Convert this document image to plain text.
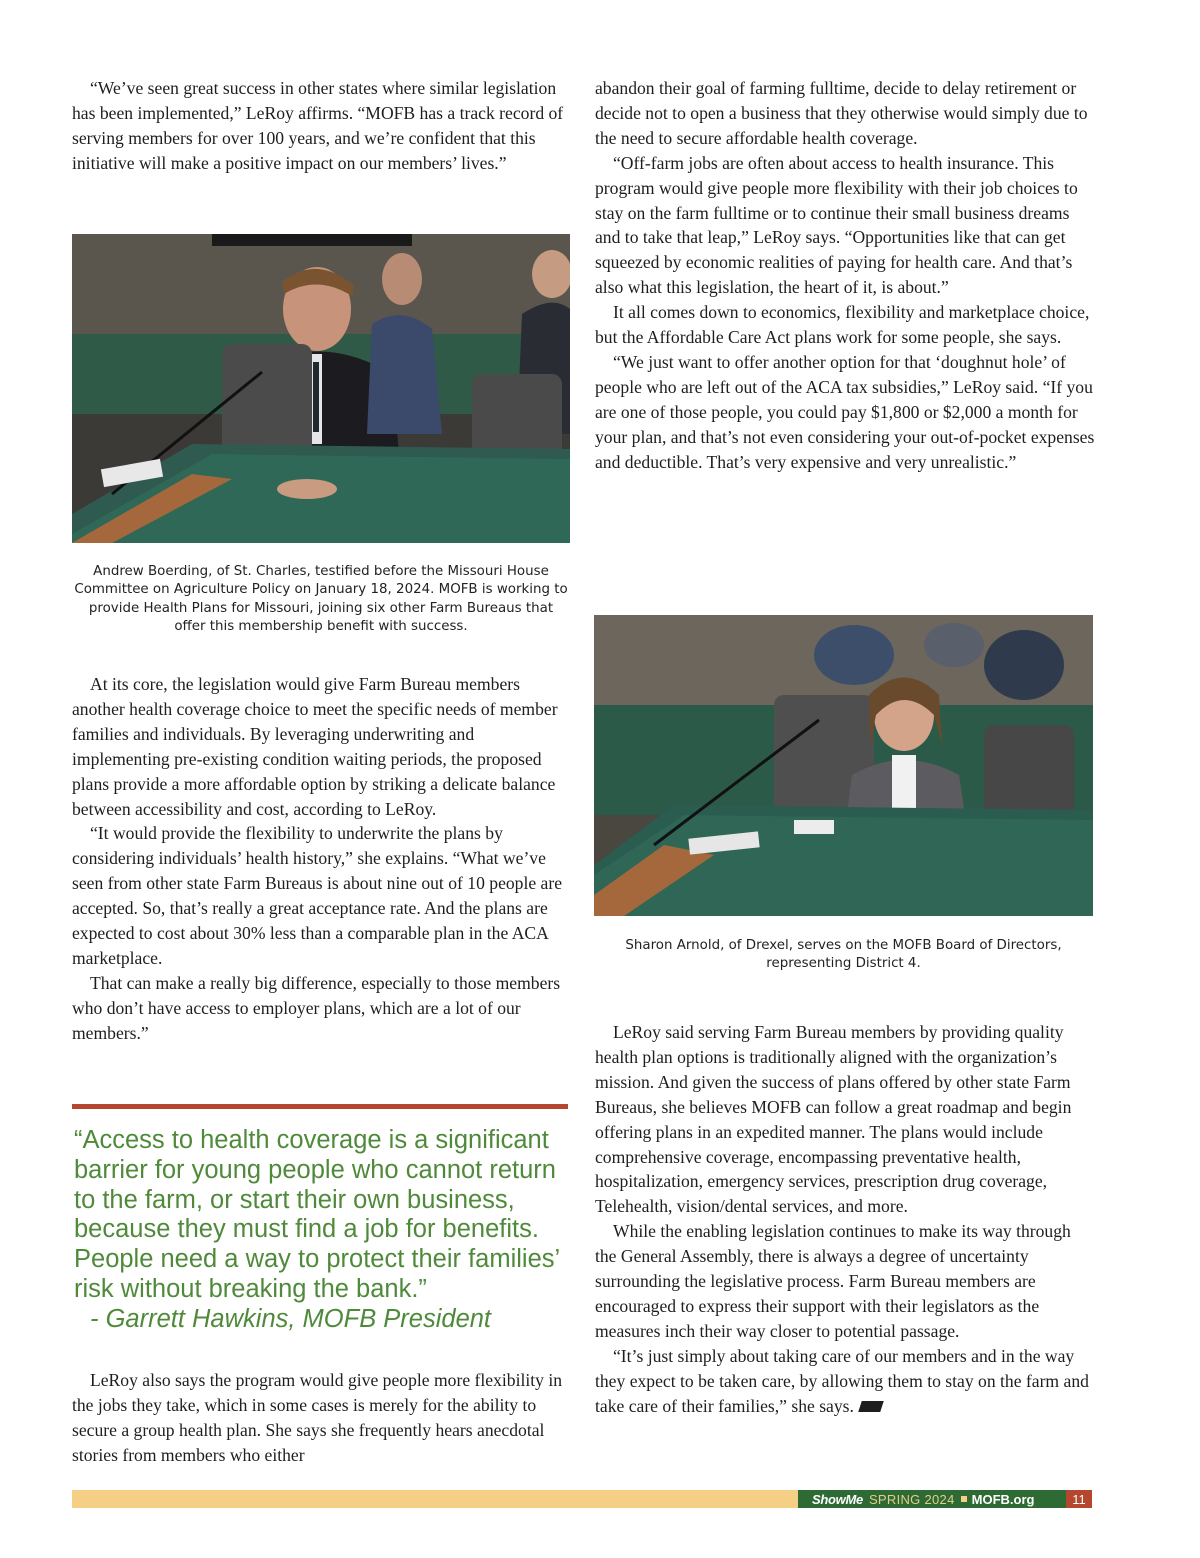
“We’ve seen great success in other states where similar legislation has been implemented,” LeRoy affirms. “MOFB has a track record of serving members for over 100 years, and we’re confident that this initiative will make a positive impact on our members’ lives.”

Andrew Boerding, of St. Charles, testified before the Missouri House Committee on Agriculture Policy on January 18, 2024. MOFB is working to provide Health Plans for Missouri, joining six other Farm Bureaus that offer this membership benefit with success.

At its core, the legislation would give Farm Bureau members another health coverage choice to meet the specific needs of member families and individuals. By leveraging underwriting and implementing pre-existing condition waiting periods, the proposed plans provide a more affordable option by striking a delicate balance between accessibility and cost, according to LeRoy.

“It would provide the flexibility to underwrite the plans by considering individuals’ health history,” she explains. “What we’ve seen from other state Farm Bureaus is about nine out of 10 people are accepted. So, that’s really a great acceptance rate. And the plans are expected to cost about 30% less than a comparable plan in the ACA marketplace.

That can make a really big difference, especially to those members who don’t have access to employer plans, which are a lot of our members.”

“Access to health coverage is a significant barrier for young people who cannot return to the farm, or start their own business, because they must find a job for benefits. People need a way to protect their families’ risk without breaking the bank.”
- Garrett Hawkins, MOFB President

LeRoy also says the program would give people more flexibility in the jobs they take, which in some cases is merely for the ability to secure a group health plan. She says she frequently hears anecdotal stories from members who either

abandon their goal of farming fulltime, decide to delay retirement or decide not to open a business that they otherwise would simply due to the need to secure affordable health coverage.

“Off-farm jobs are often about access to health insurance. This program would give people more flexibility with their job choices to stay on the farm fulltime or to continue their small business dreams and to take that leap,” LeRoy says. “Opportunities like that can get squeezed by economic realities of paying for health care. And that’s also what this legislation, the heart of it, is about.”

It all comes down to economics, flexibility and marketplace choice, but the Affordable Care Act plans work for some people, she says.

“We just want to offer another option for that ‘doughnut hole’ of people who are left out of the ACA tax subsidies,” LeRoy said. “If you are one of those people, you could pay $1,800 or $2,000 a month for your plan, and that’s not even considering your out-of-pocket expenses and deductible. That’s very expensive and very unrealistic.”

Sharon Arnold, of Drexel, serves on the MOFB Board of Directors, representing District 4.

LeRoy said serving Farm Bureau members by providing quality health plan options is traditionally aligned with the organization’s mission. And given the success of plans offered by other state Farm Bureaus, she believes MOFB can follow a great roadmap and begin offering plans in an expedited manner. The plans would include comprehensive coverage, encompassing preventative health, hospitalization, emergency services, prescription drug coverage, Telehealth, vision/dental services, and more.

While the enabling legislation continues to make its way through the General Assembly, there is always a degree of uncertainty surrounding the legislative process. Farm Bureau members are encouraged to express their support with their legislators as the measures inch their way closer to potential passage.

“It’s just simply about taking care of our members and in the way they expect to be taken care, by allowing them to stay on the farm and take care of their families,” she says.

ShowMe SPRING 2024 MOFB.org	11
